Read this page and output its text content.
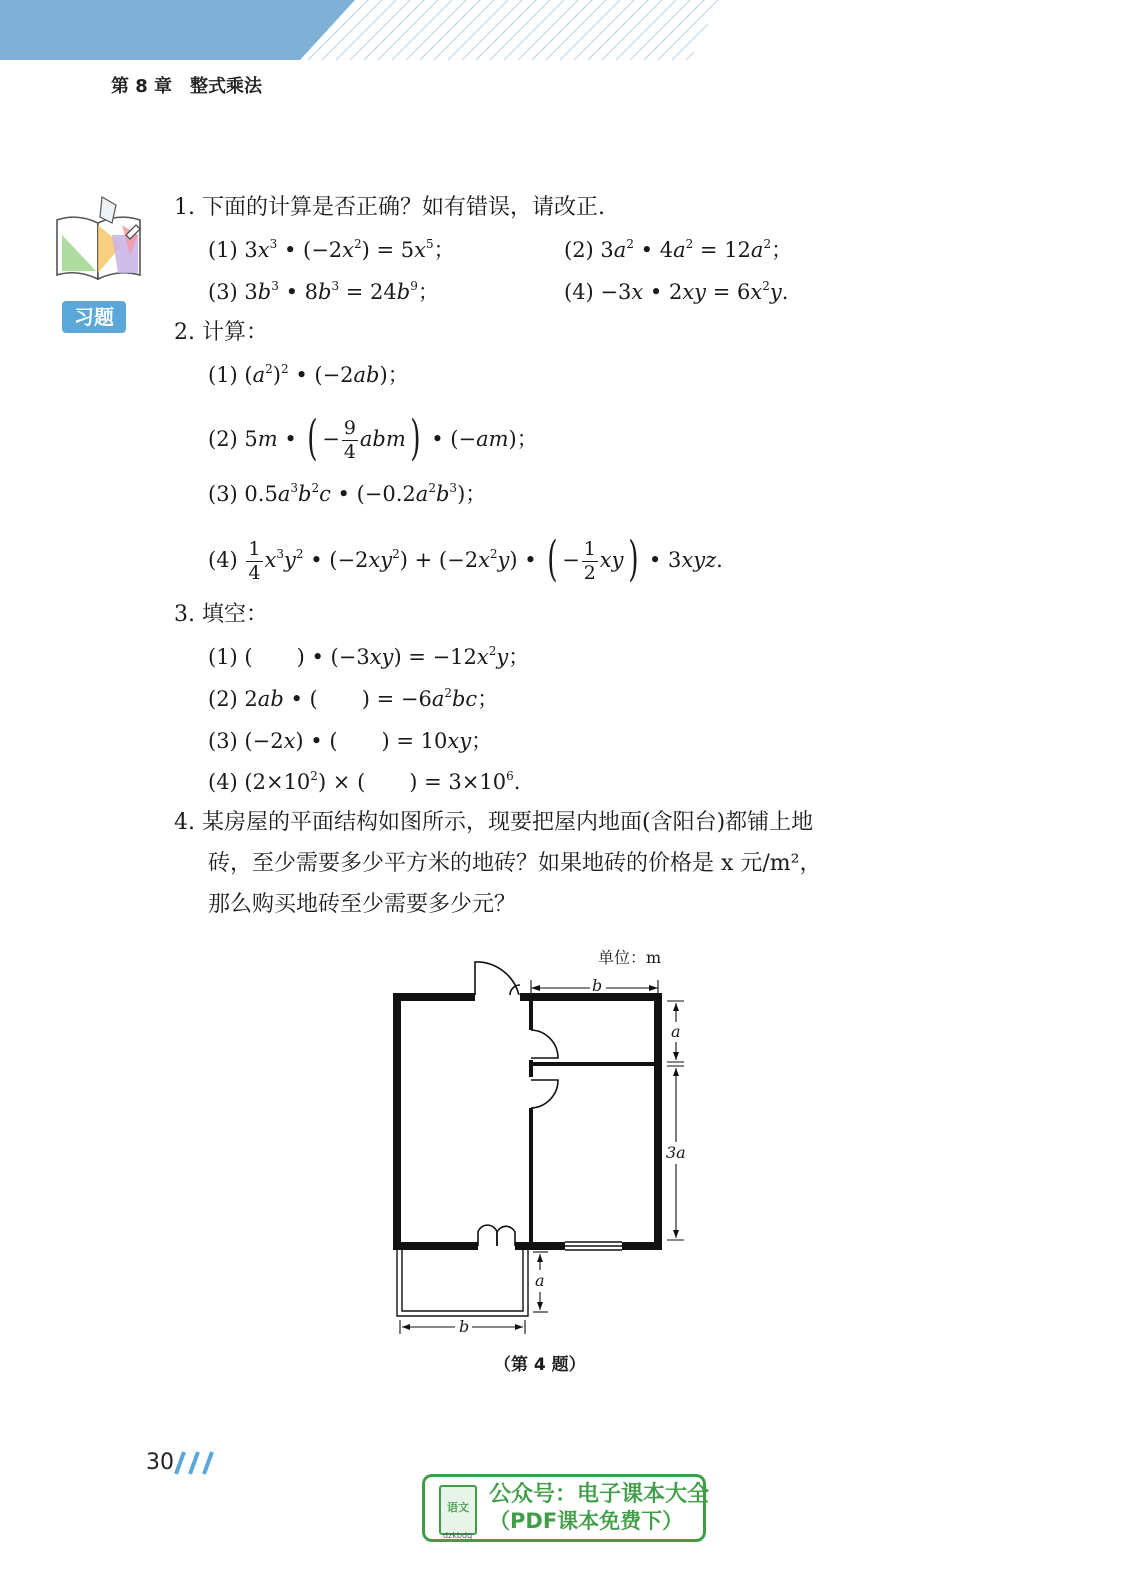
第 8 章　整式乘法
习题
1. 下面的计算是否正确？如有错误，请改正.
(1) $3x^3$ • $(-2x^2) = 5x^5$；	(2) $3a^2$ • $4a^2 = 12a^2$；
(3) $3b^3$ • $8b^3 = 24b^9$；	(4) −3x • $2xy = 6x^2y$.
2. 计算：
(1) $(a^2)^2$ • (−2ab)；
(2) 5m • ( − $\frac{9}{4} abm$) • (−am)；
(3) $0.5a^3b^2c$ • $(-0.2a^2b^3)$；
$(4) \frac{1}{4} x^3y^2$ • $(-2xy^2) + (-2x^2y)$ • ( − $\frac{1}{2} xy$) • 3xyz.
3. 填空：
(1) ( ) • $(-3xy) = -12x^2y$；
(2) 2ab • ( ) = $-6a^2bc$；
(3) (−2x) • ( ) = 10xy；
(4) $(2\times 10^2)$ × ( ) = $3\times 10^6$.
4. 某房屋的平面结构如图所示，现要把屋内地面(含阳台)都铺上地
砖，至少需要多少平方米的地砖？如果地砖的价格是 x 元/m²，
那么购买地砖至少需要多少元？
单位：m
b
a
3a
a
b
（第 4 题）
30
语文
dzkbdq
公众号：电子课本大全
（PDF课本免费下）
